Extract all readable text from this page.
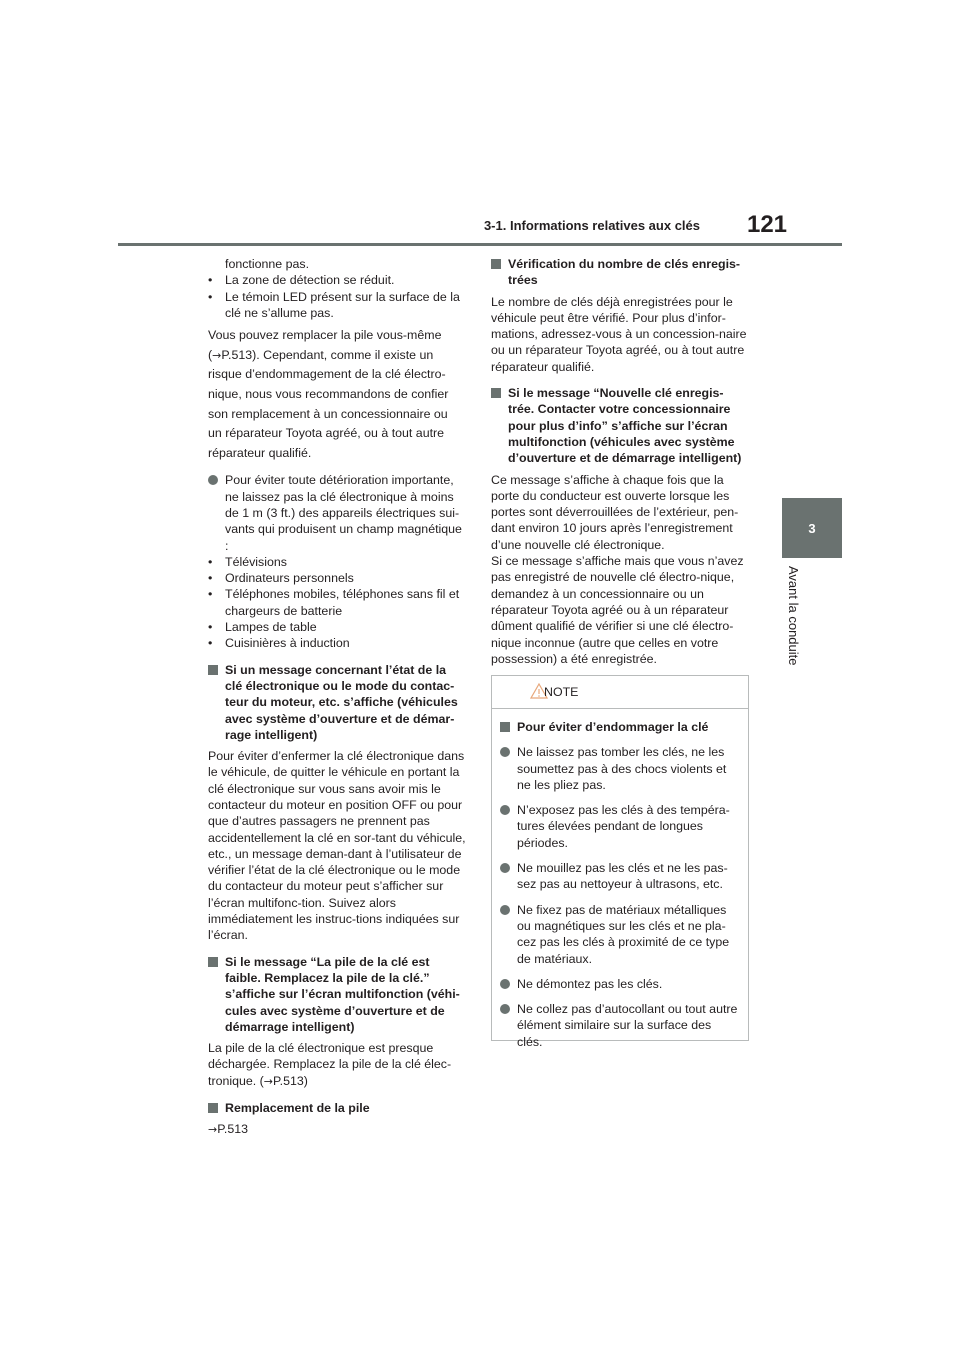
3-1. Informations relatives aux clés	121
3
Avant la conduite

fonctionne pas.

• La zone de détection se réduit.
• Le témoin LED présent sur la surface de la clé ne s’allume pas.

Vous pouvez remplacer la pile vous-même

(→P.513). Cependant, comme il existe un

risque d’endommagement de la clé électro-

nique, nous vous recommandons de confier

son remplacement à un concessionnaire ou

un réparateur Toyota agréé, ou à tout autre

réparateur qualifié.

Pour éviter toute détérioration importante, ne laissez pas la clé électronique à moins de 1 m (3 ft.) des appareils électriques sui-vants qui produisent un champ magnétique :
• Télévisions
• Ordinateurs personnels
• Téléphones mobiles, téléphones sans fil et chargeurs de batterie
• Lampes de table
• Cuisinières à induction
Si un message concernant l’état de la clé électronique ou le mode du contac-teur du moteur, etc. s’affiche (véhicules avec système d’ouverture et de démar-rage intelligent)

Pour éviter d’enfermer la clé électronique dans le véhicule, de quitter le véhicule en portant la clé électronique sur vous sans avoir mis le contacteur du moteur en position OFF ou pour que d’autres passagers ne prennent pas accidentellement la clé en sor-tant du véhicule, etc., un message deman-dant à l’utilisateur de vérifier l’état de la clé électronique ou le mode du contacteur du moteur peut s’afficher sur l’écran multifonc-tion. Suivez alors immédiatement les instruc-tions indiquées sur l’écran.

Si le message “La pile de la clé est faible. Remplacez la pile de la clé.” s’affiche sur l’écran multifonction (véhi-cules avec système d’ouverture et de démarrage intelligent)

La pile de la clé électronique est presque déchargée. Remplacez la pile de la clé élec-tronique. (→P.513)

Remplacement de la pile

→P.513

Vérification du nombre de clés enregis-trées

Le nombre de clés déjà enregistrées pour le véhicule peut être vérifié. Pour plus d’infor-mations, adressez-vous à un concession-naire ou un réparateur Toyota agréé, ou à tout autre réparateur qualifié.

Si le message “Nouvelle clé enregis-trée. Contacter votre concessionnaire pour plus d’info” s’affiche sur l’écran multifonction (véhicules avec système d’ouverture et de démarrage intelligent)

Ce message s’affiche à chaque fois que la porte du conducteur est ouverte lorsque les portes sont déverrouillées de l’extérieur, pen-dant environ 10 jours après l’enregistrement d’une nouvelle clé électronique.
Si ce message s’affiche mais que vous n’avez pas enregistré de nouvelle clé électro-nique, demandez à un concessionnaire ou un réparateur Toyota agréé ou à un réparateur dûment qualifié de vérifier si une clé électro-nique inconnue (autre que celles en votre possession) a été enregistrée.

NOTE
Pour éviter d’endommager la clé
Ne laissez pas tomber les clés, ne les soumettez pas à des chocs violents et ne les pliez pas.
N’exposez pas les clés à des tempéra-tures élevées pendant de longues périodes.
Ne mouillez pas les clés et ne les pas-sez pas au nettoyeur à ultrasons, etc.
Ne fixez pas de matériaux métalliques ou magnétiques sur les clés et ne pla-cez pas les clés à proximité de ce type de matériaux.
Ne démontez pas les clés.
Ne collez pas d’autocollant ou tout autre élément similaire sur la surface des clés.
